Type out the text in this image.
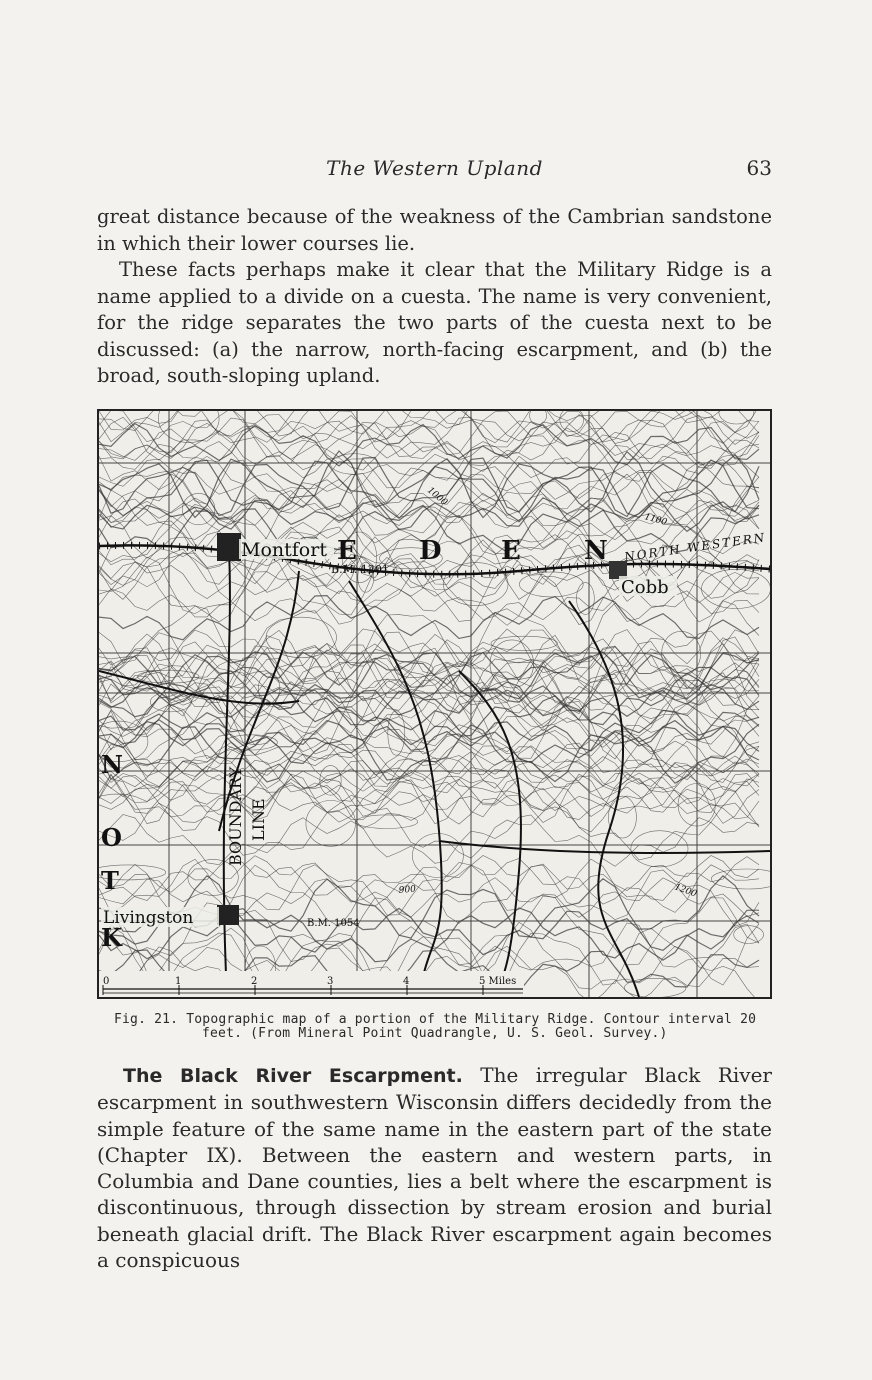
The Western Upland	63

great distance because of the weakness of the Cambrian sandstone in which their lower courses lie.

These facts perhaps make it clear that the Military Ridge is a name applied to a divide on a cuesta. The name is very convenient, for the ridge separates the two parts of the cuesta next to be discussed: (a) the narrow, north-facing escarpment, and (b) the broad, south-sloping upland.

Montfort
Cobb
Livingston
B.M. 1201
B.M. 1054
BOUNDARY LINE
E D E N NORTH WESTERN
N
O
T
K
1000
1100
1200
900
0	1	2	3	4	5 Miles
Fig. 21. Topographic map of a portion of the Military Ridge. Contour interval 20
feet. (From Mineral Point Quadrangle, U. S. Geol. Survey.)

The Black River Escarpment. The irregular Black River escarpment in southwestern Wisconsin differs decidedly from the simple feature of the same name in the eastern part of the state (Chapter IX). Between the eastern and western parts, in Columbia and Dane counties, lies a belt where the escarpment is discontinuous, through dissection by stream erosion and burial beneath glacial drift. The Black River escarpment again becomes a conspicuous
